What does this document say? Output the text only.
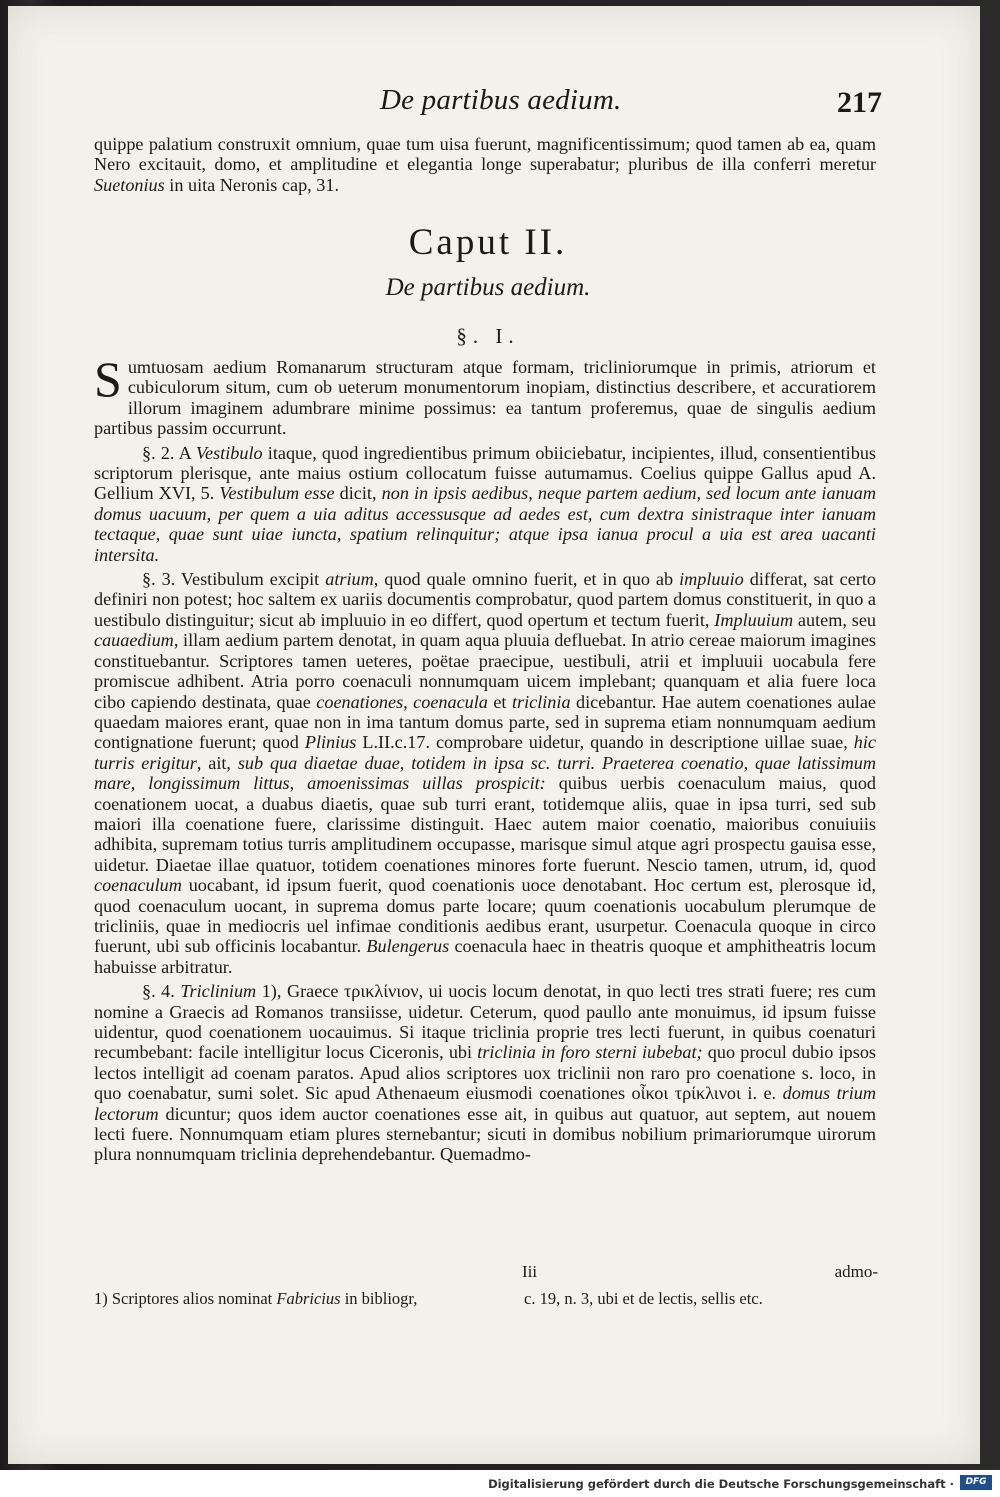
De partibus aedium.	217

quippe palatium construxit omnium, quae tum uisa fuerunt, magnificentissimum; quod tamen ab ea, quam Nero excitauit, domo, et amplitudine et elegantia longe superabatur; pluribus de illa conferri meretur Suetonius in uita Neronis cap, 31.

Caput II.
De partibus aedium.
§. I.

Sumtuosam aedium Romanarum structuram atque formam, tricliniorumque in primis, atriorum et cubiculorum situm, cum ob ueterum monumentorum inopiam, distinctius describere, et accuratiorem illorum imaginem adumbrare minime possimus: ea tantum proferemus, quae de singulis aedium partibus passim occurrunt.

§. 2. A Vestibulo itaque, quod ingredientibus primum obiiciebatur, incipientes, illud, consentientibus scriptorum plerisque, ante maius ostium collocatum fuisse autumamus. Coelius quippe Gallus apud A. Gellium XVI, 5. Vestibulum esse dicit, non in ipsis aedibus, neque partem aedium, sed locum ante ianuam domus uacuum, per quem a uia aditus accessusque ad aedes est, cum dextra sinistraque inter ianuam tectaque, quae sunt uiae iuncta, spatium relinquitur; atque ipsa ianua procul a uia est area uacanti intersita.

§. 3. Vestibulum excipit atrium, quod quale omnino fuerit, et in quo ab impluuio differat, sat certo definiri non potest; hoc saltem ex uariis documentis comprobatur, quod partem domus constituerit, in quo a uestibulo distinguitur; sicut ab impluuio in eo differt, quod opertum et tectum fuerit, Impluuium autem, seu cauaedium, illam aedium partem denotat, in quam aqua pluuia defluebat. In atrio cereae maiorum imagines constituebantur. Scriptores tamen ueteres, poëtae praecipue, uestibuli, atrii et impluuii uocabula fere promiscue adhibent. Atria porro coenaculi nonnumquam uicem implebant; quanquam et alia fuere loca cibo capiendo destinata, quae coenationes, coenacula et triclinia dicebantur. Hae autem coenationes aulae quaedam maiores erant, quae non in ima tantum domus parte, sed in suprema etiam nonnumquam aedium contignatione fuerunt; quod Plinius L.II.c.17. comprobare uidetur, quando in descriptione uillae suae, hic turris erigitur, ait, sub qua diaetae duae, totidem in ipsa sc. turri. Praeterea coenatio, quae latissimum mare, longissimum littus, amoenissimas uillas prospicit: quibus uerbis coenaculum maius, quod coenationem uocat, a duabus diaetis, quae sub turri erant, totidemque aliis, quae in ipsa turri, sed sub maiori illa coenatione fuere, clarissime distinguit. Haec autem maior coenatio, maioribus conuiuiis adhibita, supremam totius turris amplitudinem occupasse, marisque simul atque agri prospectu gauisa esse, uidetur. Diaetae illae quatuor, totidem coenationes minores forte fuerunt. Nescio tamen, utrum, id, quod coenaculum uocabant, id ipsum fuerit, quod coenationis uoce denotabant. Hoc certum est, plerosque id, quod coenaculum uocant, in suprema domus parte locare; quum coenationis uocabulum plerumque de tricliniis, quae in mediocris uel infimae conditionis aedibus erant, usurpetur. Coenacula quoque in circo fuerunt, ubi sub officinis locabantur. Bulengerus coenacula haec in theatris quoque et amphitheatris locum habuisse arbitratur.

§. 4. Triclinium 1), Graece τρικλίνιον, ui uocis locum denotat, in quo lecti tres strati fuere; res cum nomine a Graecis ad Romanos transiisse, uidetur. Ceterum, quod paullo ante monuimus, id ipsum fuisse uidentur, quod coenationem uocauimus. Si itaque triclinia proprie tres lecti fuerunt, in quibus coenaturi recumbebant: facile intelligitur locus Ciceronis, ubi triclinia in foro sterni iubebat; quo procul dubio ipsos lectos intelligit ad coenam paratos. Apud alios scriptores uox triclinii non raro pro coenatione s. loco, in quo coenabatur, sumi solet. Sic apud Athenaeum eiusmodi coenationes οἶκοι τρίκλινοι i. e. domus trium lectorum dicuntur; quos idem auctor coenationes esse ait, in quibus aut quatuor, aut septem, aut nouem lecti fuere. Nonnumquam etiam plures sternebantur; sicuti in domibus nobilium primariorumque uirorum plura nonnumquam triclinia deprehendebantur. Quemadmo-

Iii	admo-
1) Scriptores alios nominat Fabricius in bibliogr,	c. 19, n. 3, ubi et de lectis, sellis etc.
Digitalisierung gefördert durch die Deutsche Forschungsgemeinschaft ·	DFG
